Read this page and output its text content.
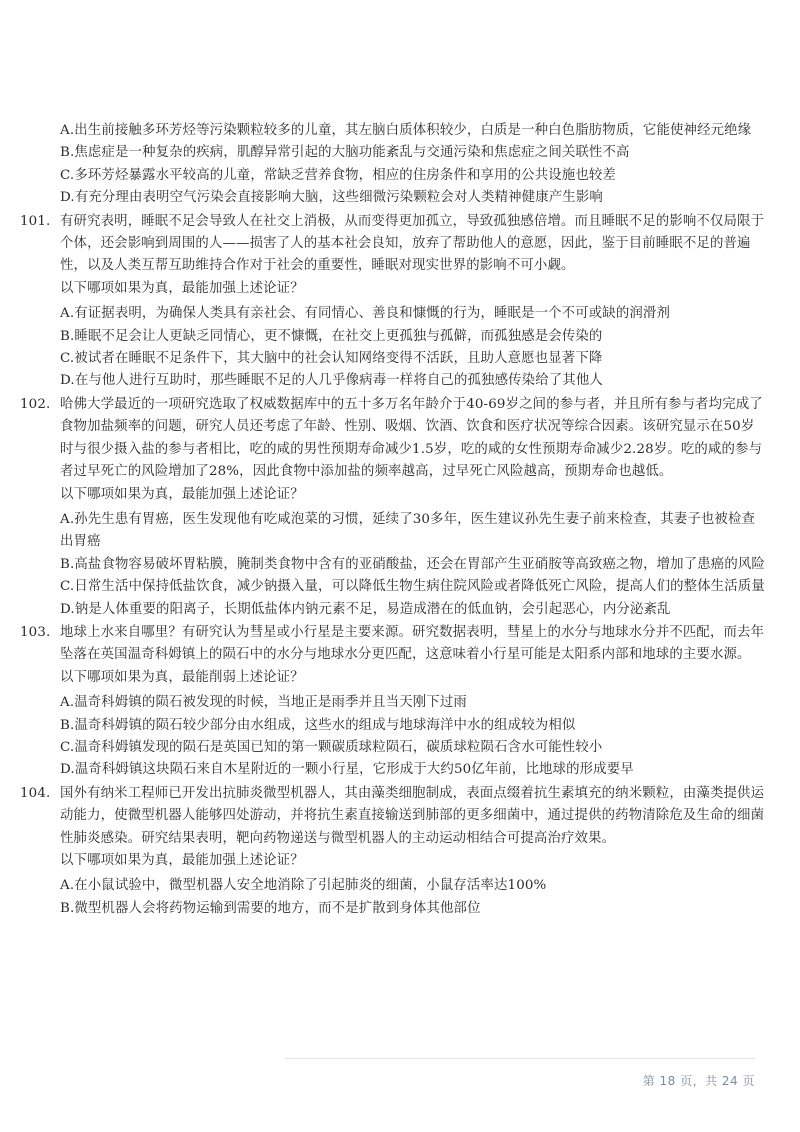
A.出生前接触多环芳烃等污染颗粒较多的儿童，其左脑白质体积较少，白质是一种白色脂肪物质，它能使神经元绝缘
B.焦虑症是一种复杂的疾病，肌醇异常引起的大脑功能紊乱与交通污染和焦虑症之间关联性不高
C.多环芳烃暴露水平较高的儿童，常缺乏营养食物，相应的住房条件和享用的公共设施也较差
D.有充分理由表明空气污染会直接影响大脑，这些细微污染颗粒会对人类精神健康产生影响
101. 有研究表明，睡眠不足会导致人在社交上消极，从而变得更加孤立，导致孤独感倍增。而且睡眠不足的影响不仅局限于个体，还会影响到周围的人——损害了人的基本社会良知，放弃了帮助他人的意愿，因此，鉴于目前睡眠不足的普遍性，以及人类互帮互助维持合作对于社会的重要性，睡眠对现实世界的影响不可小觑。
以下哪项如果为真，最能加强上述论证？
A.有证据表明，为确保人类具有亲社会、有同情心、善良和慷慨的行为，睡眠是一个不可或缺的润滑剂
B.睡眠不足会让人更缺乏同情心，更不慷慨，在社交上更孤独与孤僻，而孤独感是会传染的
C.被试者在睡眠不足条件下，其大脑中的社会认知网络变得不活跃，且助人意愿也显著下降
D.在与他人进行互助时，那些睡眠不足的人几乎像病毒一样将自己的孤独感传染给了其他人
102. 哈佛大学最近的一项研究选取了权威数据库中的五十多万名年龄介于40-69岁之间的参与者，并且所有参与者均完成了食物加盐频率的问题，研究人员还考虑了年龄、性别、吸烟、饮酒、饮食和医疗状况等综合因素。该研究显示在50岁时与很少摄入盐的参与者相比，吃的咸的男性预期寿命减少1.5岁，吃的咸的女性预期寿命减少2.28岁。吃的咸的参与者过早死亡的风险增加了28%，因此食物中添加盐的频率越高，过早死亡风险越高，预期寿命也越低。
以下哪项如果为真，最能加强上述论证？
A.孙先生患有胃癌，医生发现他有吃咸泡菜的习惯，延续了30多年，医生建议孙先生妻子前来检查，其妻子也被检查出胃癌
B.高盐食物容易破坏胃粘膜，腌制类食物中含有的亚硝酸盐，还会在胃部产生亚硝胺等高致癌之物，增加了患癌的风险
C.日常生活中保持低盐饮食，减少钠摄入量，可以降低生物生病住院风险或者降低死亡风险，提高人们的整体生活质量
D.钠是人体重要的阳离子，长期低盐体内钠元素不足，易造成潜在的低血钠，会引起恶心，内分泌紊乱
103. 地球上水来自哪里？有研究认为彗星或小行星是主要来源。研究数据表明，彗星上的水分与地球水分并不匹配，而去年坠落在英国温奇科姆镇上的陨石中的水分与地球水分更匹配，这意味着小行星可能是太阳系内部和地球的主要水源。
以下哪项如果为真，最能削弱上述论证？
A.温奇科姆镇的陨石被发现的时候，当地正是雨季并且当天刚下过雨
B.温奇科姆镇的陨石较少部分由水组成，这些水的组成与地球海洋中水的组成较为相似
C.温奇科姆镇发现的陨石是英国已知的第一颗碳质球粒陨石，碳质球粒陨石含水可能性较小
D.温奇科姆镇这块陨石来自木星附近的一颗小行星，它形成于大约50亿年前，比地球的形成要早
104. 国外有纳米工程师已开发出抗肺炎微型机器人，其由藻类细胞制成，表面点缀着抗生素填充的纳米颗粒，由藻类提供运动能力，使微型机器人能够四处游动，并将抗生素直接输送到肺部的更多细菌中，通过提供的药物清除危及生命的细菌性肺炎感染。研究结果表明，靶向药物递送与微型机器人的主动运动相结合可提高治疗效果。
以下哪项如果为真，最能加强上述论证？
A.在小鼠试验中，微型机器人安全地消除了引起肺炎的细菌，小鼠存活率达100%
B.微型机器人会将药物运输到需要的地方，而不是扩散到身体其他部位
第 18 页，共 24 页
